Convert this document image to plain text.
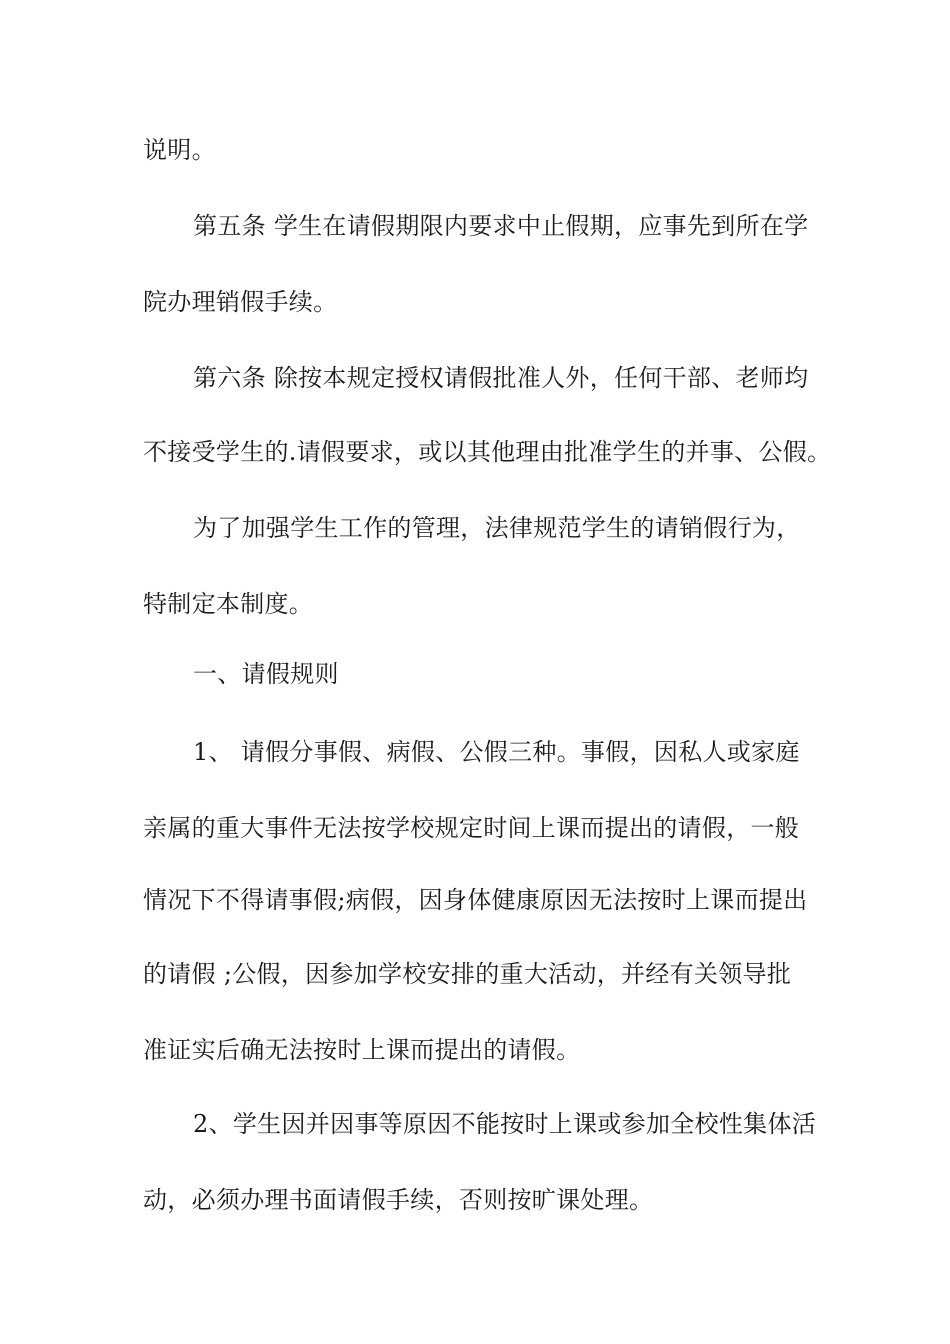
说明。

第五条 学生在请假期限内要求中止假期，应事先到所在学

院办理销假手续。

第六条 除按本规定授权请假批准人外，任何干部、老师均

不接受学生的.请假要求，或以其他理由批准学生的并事、公假。

为了加强学生工作的管理，法律规范学生的请销假行为，

特制定本制度。

一、请假规则

1、 请假分事假、病假、公假三种。事假，因私人或家庭

亲属的重大事件无法按学校规定时间上课而提出的请假，一般

情况下不得请事假;病假，因身体健康原因无法按时上课而提出

的请假 ;公假，因参加学校安排的重大活动，并经有关领导批

准证实后确无法按时上课而提出的请假。

2、学生因并因事等原因不能按时上课或参加全校性集体活

动，必须办理书面请假手续，否则按旷课处理。
